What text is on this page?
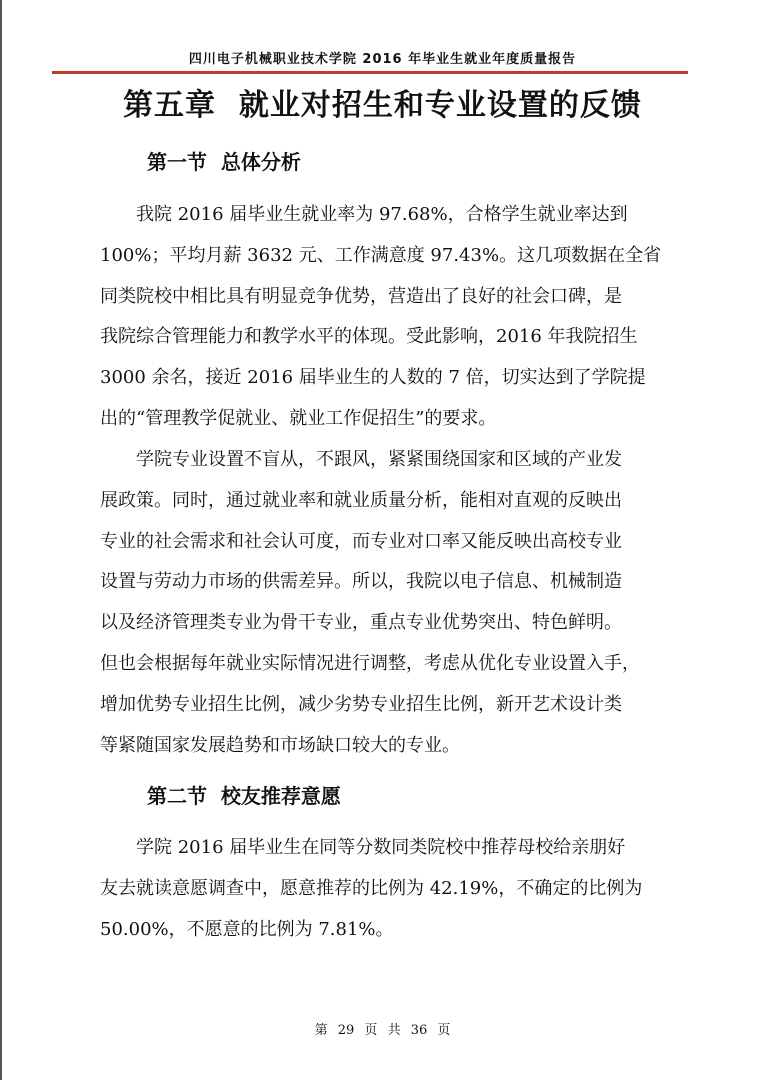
四川电子机械职业技术学院 2016 年毕业生就业年度质量报告
第五章  就业对招生和专业设置的反馈
第一节  总体分析
　　我院 2016 届毕业生就业率为 97.68%，合格学生就业率达到
100%；平均月薪 3632 元、工作满意度 97.43%。这几项数据在全省
同类院校中相比具有明显竞争优势，营造出了良好的社会口碑，是
我院综合管理能力和教学水平的体现。受此影响，2016 年我院招生
3000 余名，接近 2016 届毕业生的人数的 7 倍，切实达到了学院提
出的“管理教学促就业、就业工作促招生”的要求。
　　学院专业设置不盲从，不跟风，紧紧围绕国家和区域的产业发
展政策。同时，通过就业率和就业质量分析，能相对直观的反映出
专业的社会需求和社会认可度，而专业对口率又能反映出高校专业
设置与劳动力市场的供需差异。所以，我院以电子信息、机械制造
以及经济管理类专业为骨干专业，重点专业优势突出、特色鲜明。
但也会根据每年就业实际情况进行调整，考虑从优化专业设置入手，
增加优势专业招生比例，减少劣势专业招生比例，新开艺术设计类
等紧随国家发展趋势和市场缺口较大的专业。
第二节  校友推荐意愿
　　学院 2016 届毕业生在同等分数同类院校中推荐母校给亲朋好
友去就读意愿调查中，愿意推荐的比例为 42.19%，不确定的比例为
50.00%，不愿意的比例为 7.81%。
第 29 页 共 36 页
